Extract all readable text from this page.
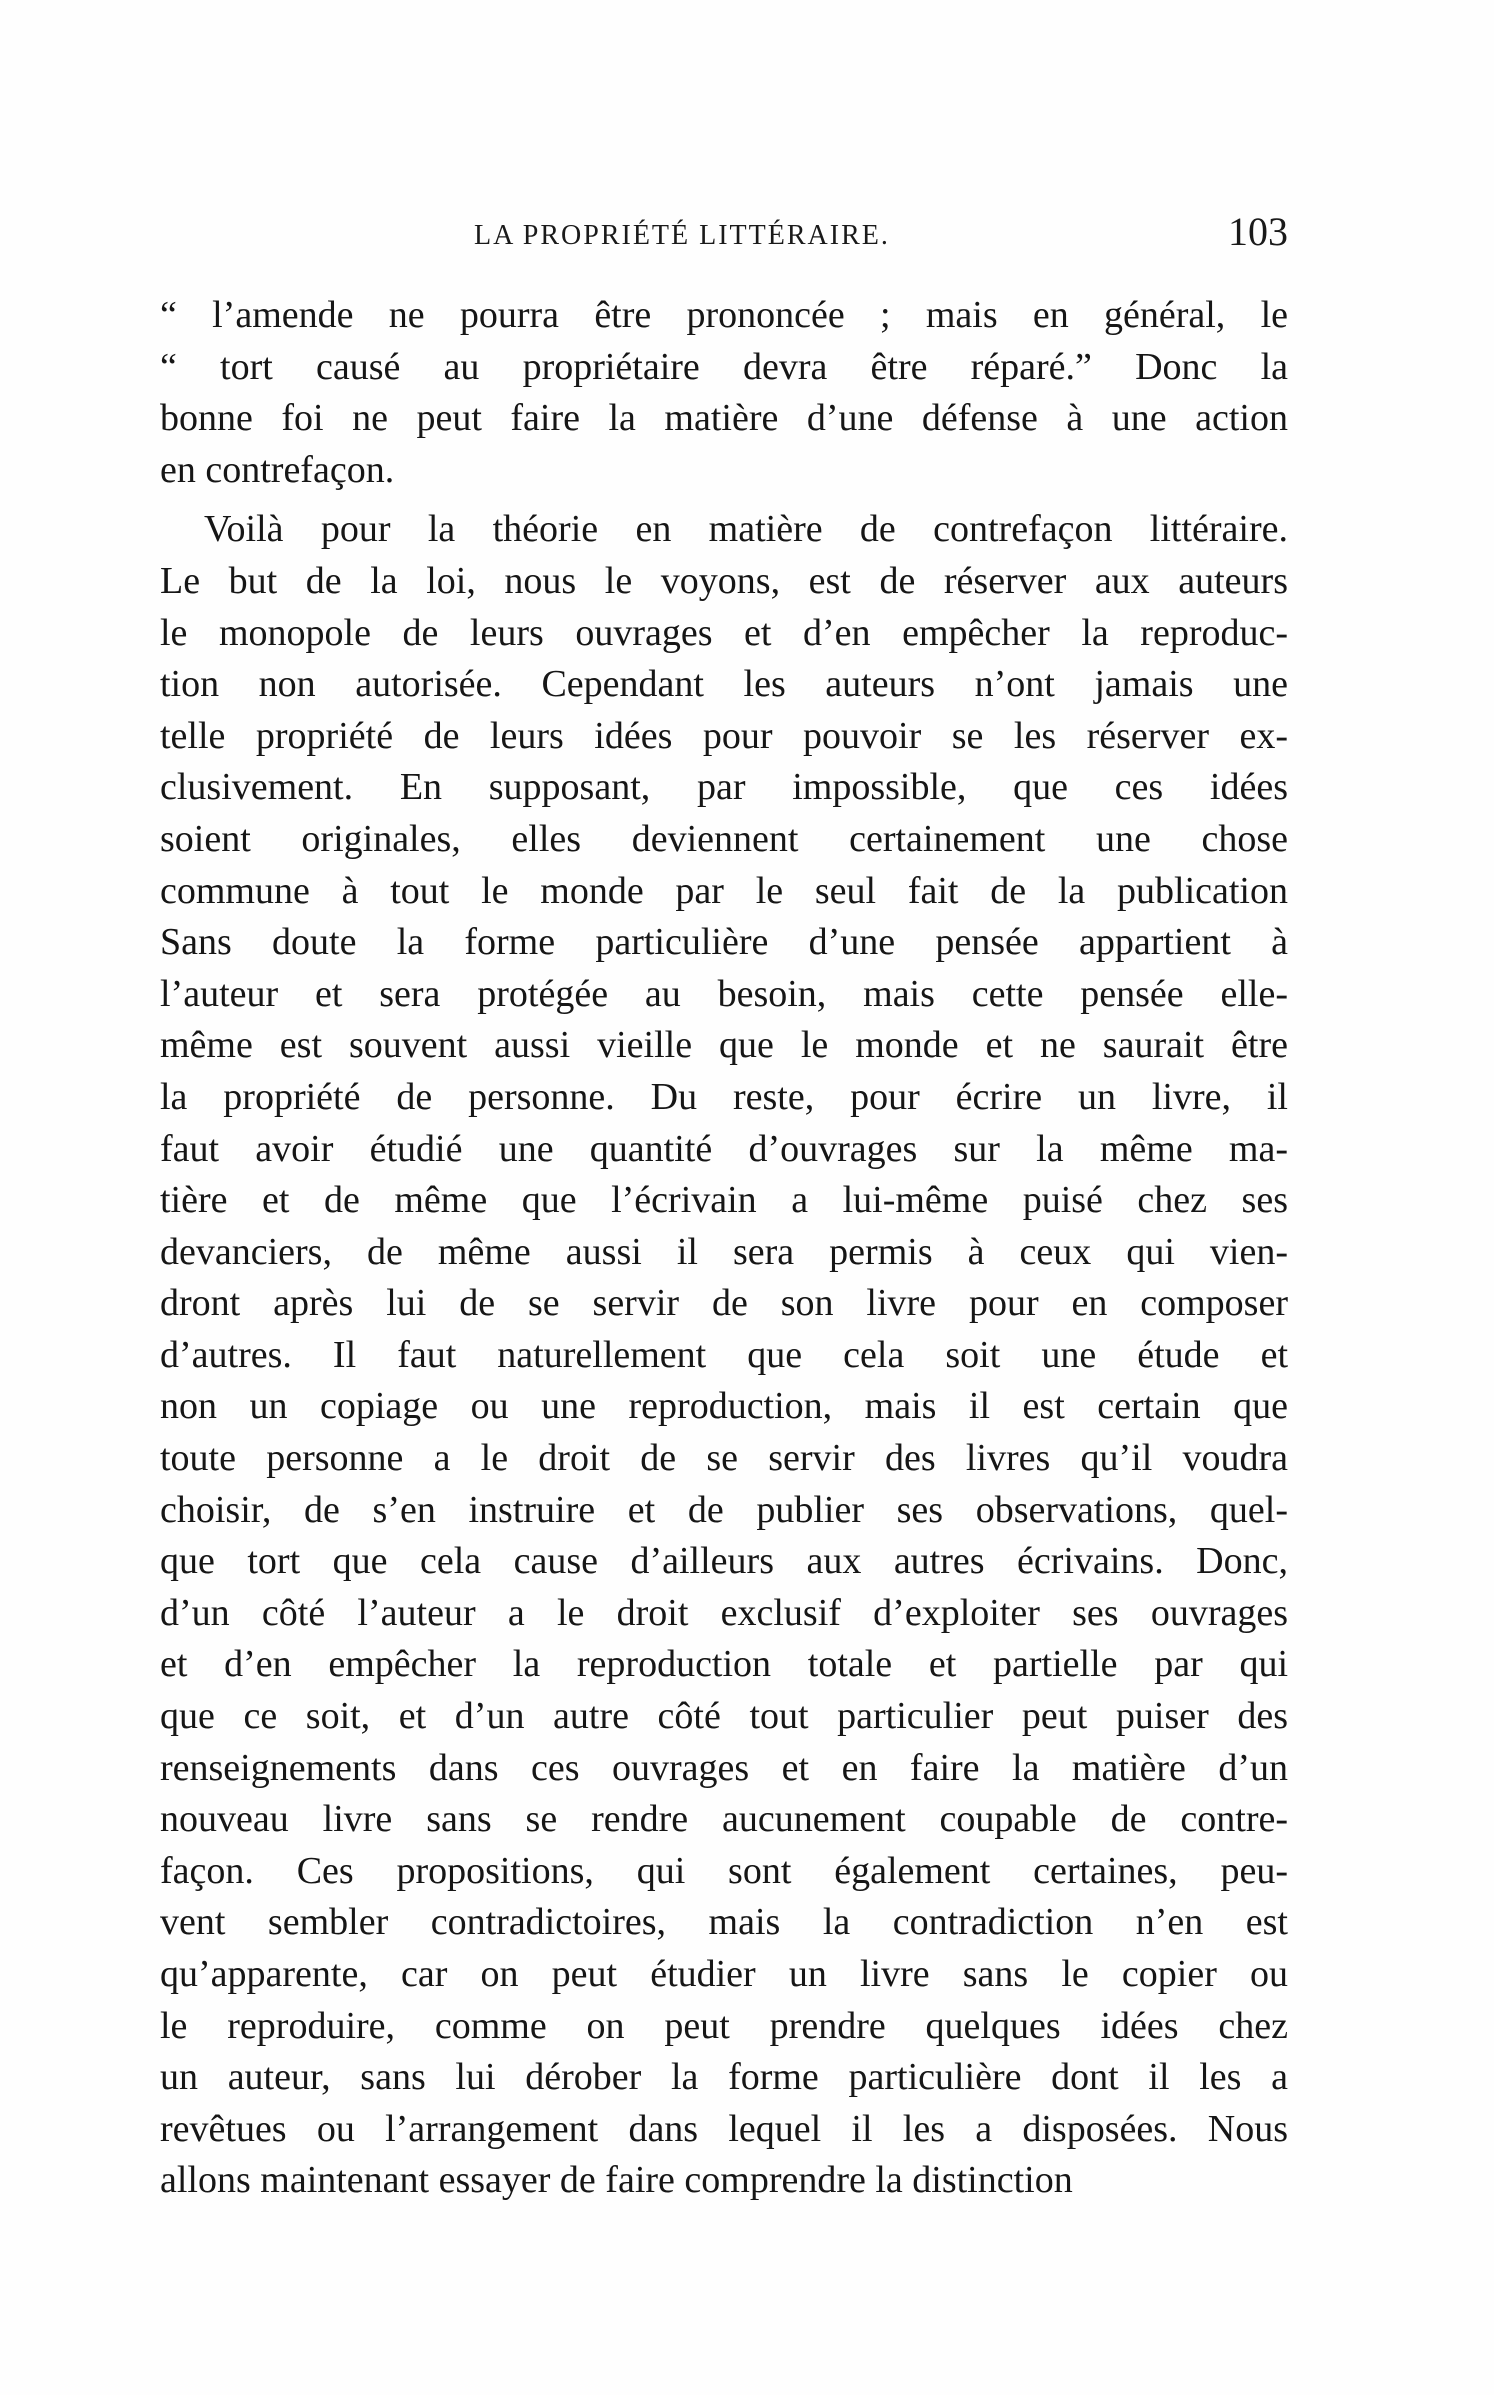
LA PROPRIÉTÉ LITTÉRAIRE.	103
“ l’amende ne pourra être prononcée ; mais en général, le
“ tort causé au propriétaire devra être réparé.” Donc la
bonne foi ne peut faire la matière d’une défense à une action
en contrefaçon.
Voilà pour la théorie en matière de contrefaçon littéraire.
Le but de la loi, nous le voyons, est de réserver aux auteurs
le monopole de leurs ouvrages et d’en empêcher la reproduc-
tion non autorisée. Cependant les auteurs n’ont jamais une
telle propriété de leurs idées pour pouvoir se les réserver ex-
clusivement. En supposant, par impossible, que ces idées
soient originales, elles deviennent certainement une chose
commune à tout le monde par le seul fait de la publication
Sans doute la forme particulière d’une pensée appartient à
l’auteur et sera protégée au besoin, mais cette pensée elle-
même est souvent aussi vieille que le monde et ne saurait être
la propriété de personne. Du reste, pour écrire un livre, il
faut avoir étudié une quantité d’ouvrages sur la même ma-
tière et de même que l’écrivain a lui-même puisé chez ses
devanciers, de même aussi il sera permis à ceux qui vien-
dront après lui de se servir de son livre pour en composer
d’autres. Il faut naturellement que cela soit une étude et
non un copiage ou une reproduction, mais il est certain que
toute personne a le droit de se servir des livres qu’il voudra
choisir, de s’en instruire et de publier ses observations, quel-
que tort que cela cause d’ailleurs aux autres écrivains. Donc,
d’un côté l’auteur a le droit exclusif d’exploiter ses ouvrages
et d’en empêcher la reproduction totale et partielle par qui
que ce soit, et d’un autre côté tout particulier peut puiser des
renseignements dans ces ouvrages et en faire la matière d’un
nouveau livre sans se rendre aucunement coupable de contre-
façon. Ces propositions, qui sont également certaines, peu-
vent sembler contradictoires, mais la contradiction n’en est
qu’apparente, car on peut étudier un livre sans le copier ou
le reproduire, comme on peut prendre quelques idées chez
un auteur, sans lui dérober la forme particulière dont il les a
revêtues ou l’arrangement dans lequel il les a disposées. Nous
allons maintenant essayer de faire comprendre la distinction
